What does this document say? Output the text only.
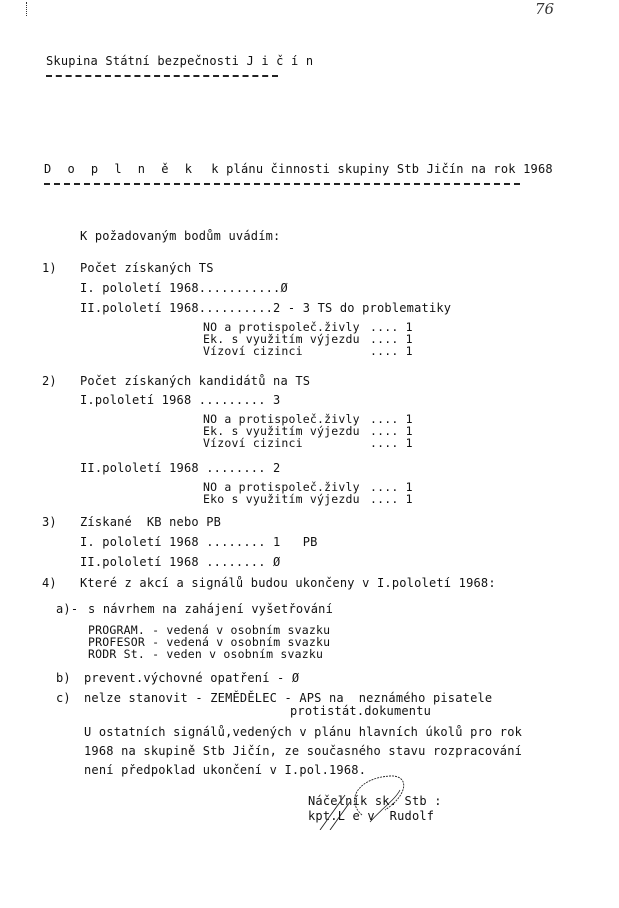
76
Skupina Státní bezpečnosti J i č í n
D o p l n ě k k plánu činnosti skupiny Stb Jičín na rok 1968
K požadovaným bodům uvádím:
1) Počet získaných TS
I. pololetí 1968...........Ø
II.pololetí 1968..........2 - 3 TS do problematiky
NO a protispoleč.živly .... 1
Ek. s využitím výjezdu .... 1
Vízoví cizinci	.... 1
2) Počet získaných kandidátů na TS
I.pololetí 1968 ......... 3
NO a protispoleč.živly .... 1
Ek. s využitím výjezdu .... 1
Vízoví cizinci	.... 1
II.pololetí 1968 ........ 2
NO a protispoleč.živly .... 1
Eko s využitím výjezdu .... 1
3) Získané  KB nebo PB
I. pololetí 1968 ........ 1   PB
II.pololetí 1968 ........ Ø
4) Které z akcí a signálů budou ukončeny v I.pololetí 1968:
a)- s návrhem na zahájení vyšetřování
PROGRAM. - vedená v osobním svazku
PROFESOR - vedená v osobním svazku
RODR St. - veden v osobním svazku
b) prevent.výchovné opatření - Ø
c) nelze stanovit - ZEMĚDĚLEC - APS na  neznámého pisatele
protistát.dokumentu
U ostatních signálů,vedených v plánu hlavních úkolů pro rok
1968 na skupině Stb Jičín, ze současného stavu rozpracování
není předpoklad ukončení v I.pol.1968.
Náčelník sk. Stb :
kpt.L e v  Rudolf
